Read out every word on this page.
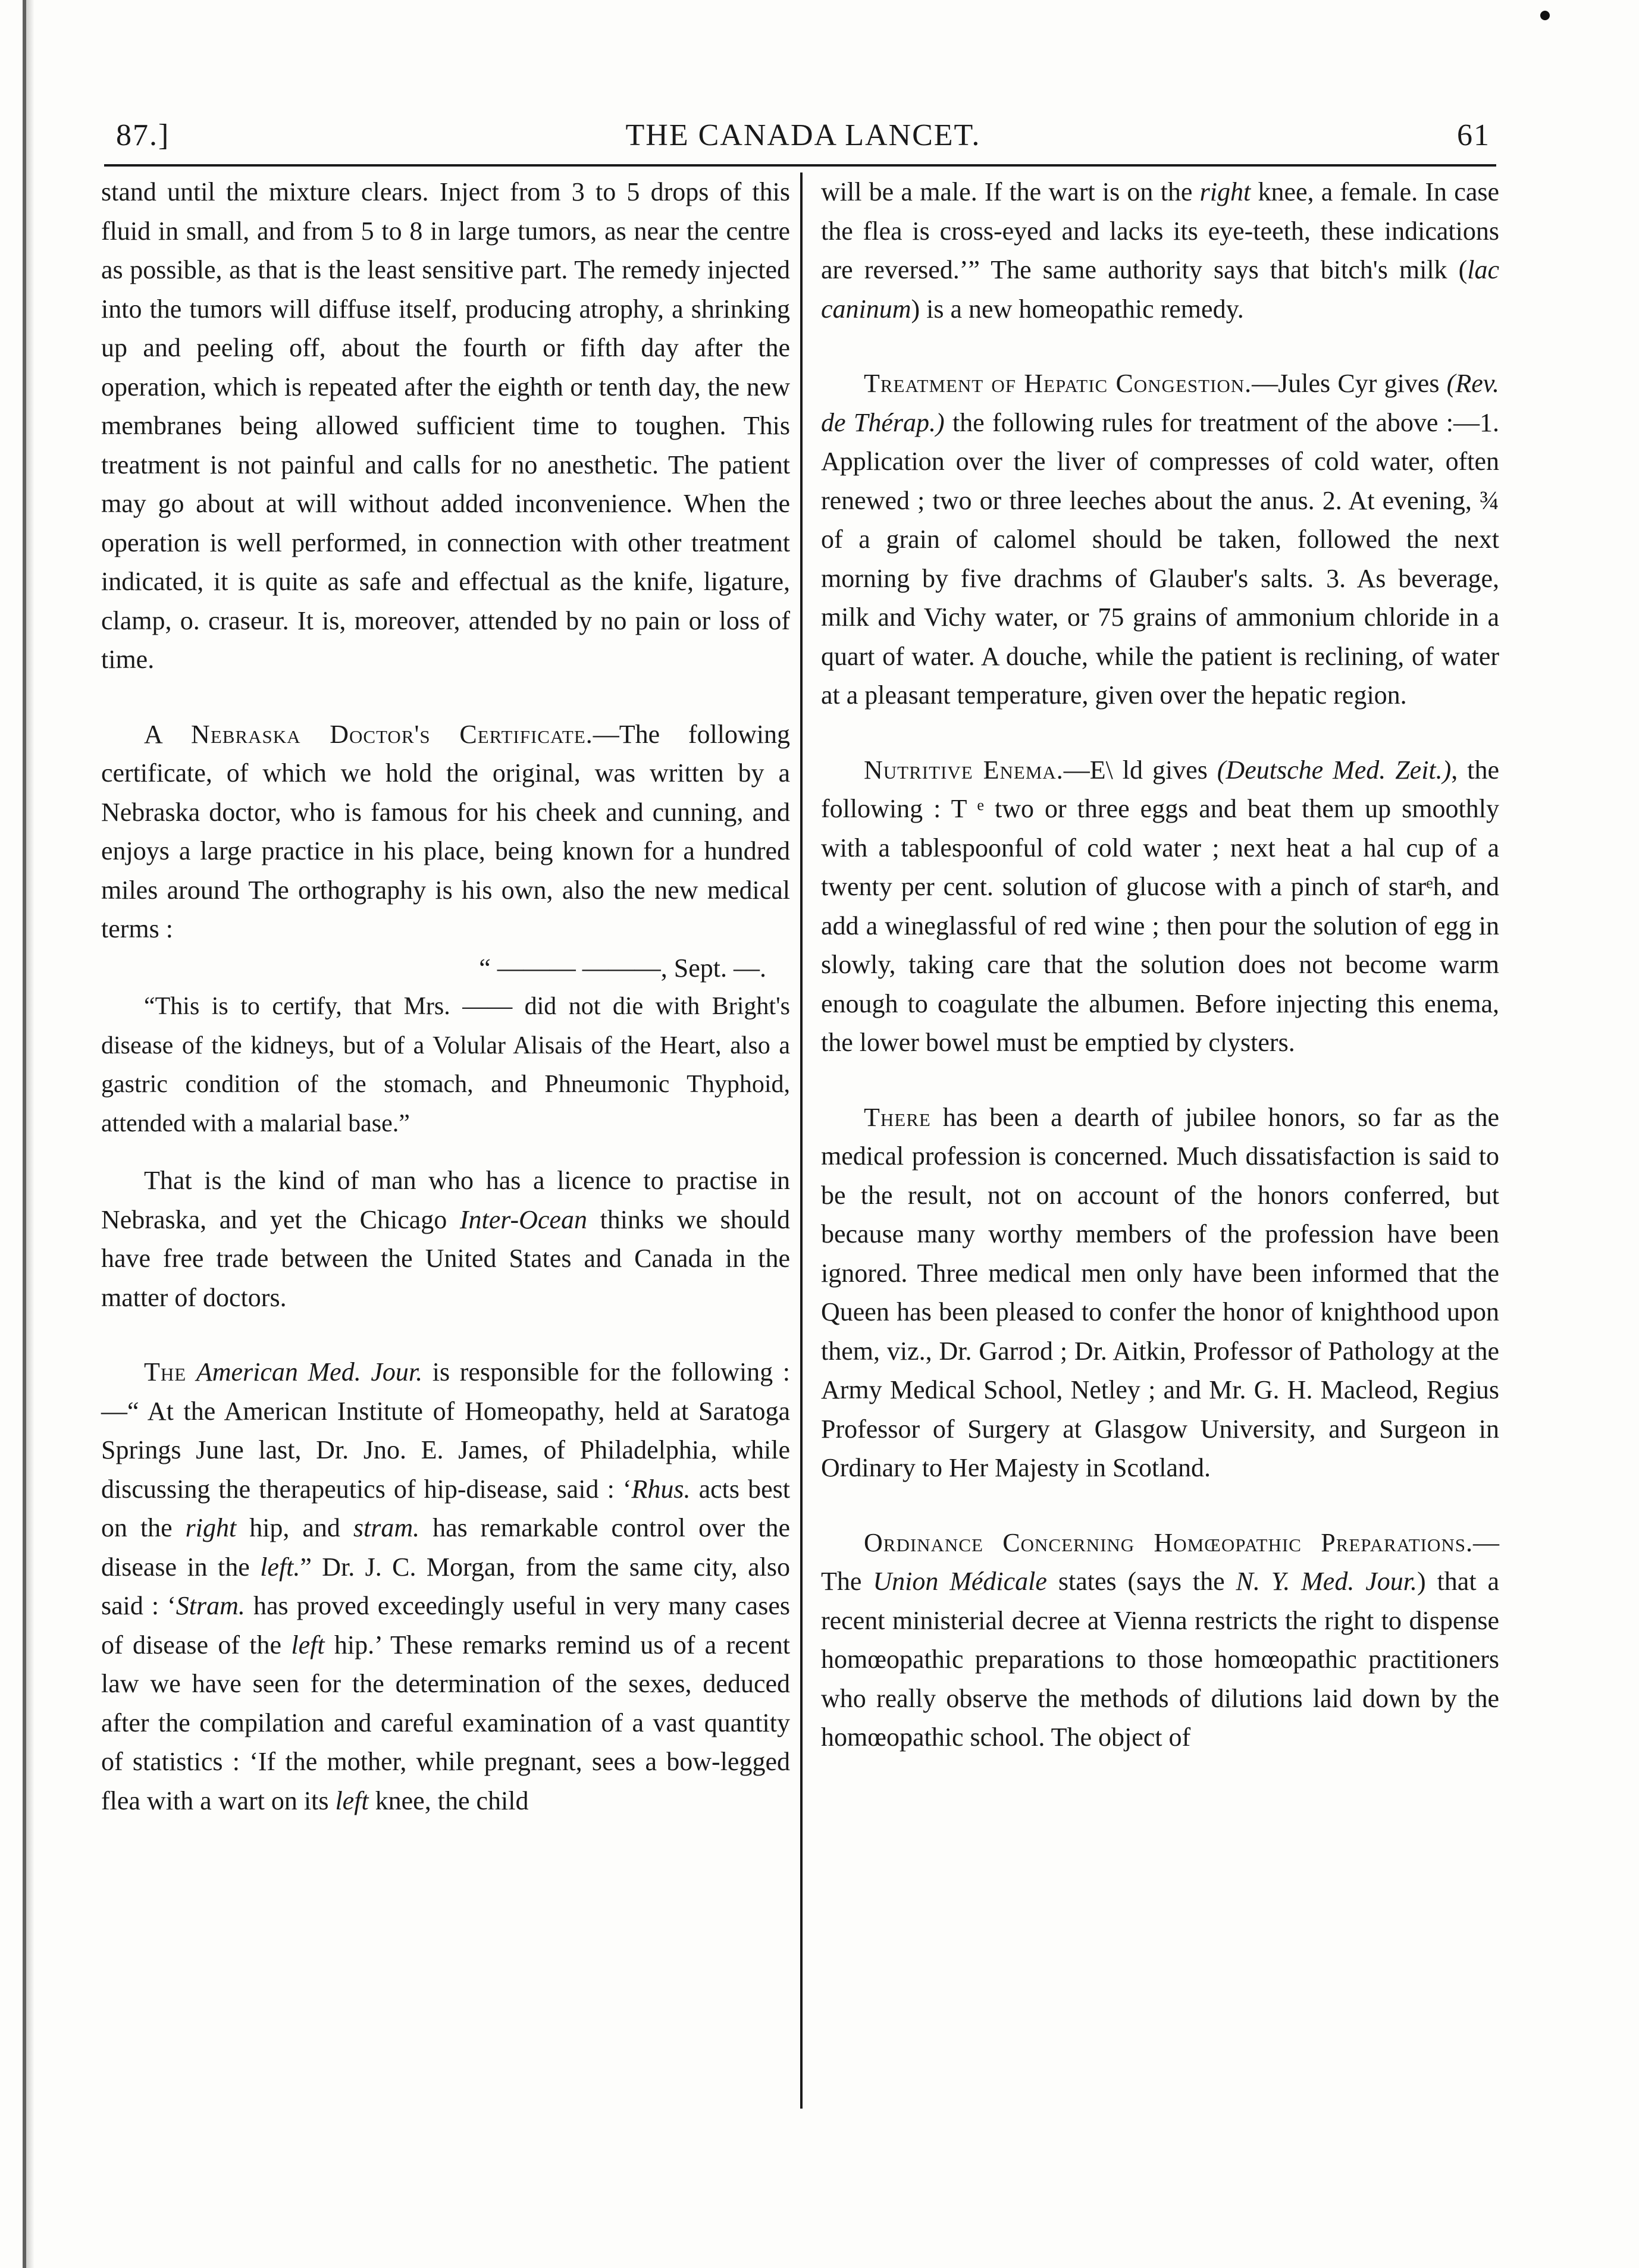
THE CANADA LANCET.
87.]	61

stand until the mixture clears. Inject from 3 to 5 drops of this fluid in small, and from 5 to 8 in large tumors, as near the centre as possible, as that is the least sensitive part. The remedy injected into the tumors will diffuse itself, producing atrophy, a shrinking up and peeling off, about the fourth or fifth day after the operation, which is repeated after the eighth or tenth day, the new membranes being allowed sufficient time to toughen. This treatment is not painful and calls for no anesthetic. The patient may go about at will without added inconvenience. When the operation is well performed, in connection with other treatment indicated, it is quite as safe and effectual as the knife, ligature, clamp, o. craseur. It is, moreover, attended by no pain or loss of time.

A Nebraska Doctor's Certificate.—The following certificate, of which we hold the original, was written by a Nebraska doctor, who is famous for his cheek and cunning, and enjoys a large practice in his place, being known for a hundred miles around The orthography is his own, also the new medical terms :

“ ——— ———, Sept. —.

“This is to certify, that Mrs. —— did not die with Bright's disease of the kidneys, but of a Volular Alisais of the Heart, also a gastric condition of the stomach, and Phneumonic Thyphoid, attended with a malarial base.”

That is the kind of man who has a licence to practise in Nebraska, and yet the Chicago Inter-Ocean thinks we should have free trade between the United States and Canada in the matter of doctors.

The American Med. Jour. is responsible for the following :—“ At the American Institute of Homeopathy, held at Saratoga Springs June last, Dr. Jno. E. James, of Philadelphia, while discussing the therapeutics of hip-disease, said : ‘Rhus. acts best on the right hip, and stram. has remarkable control over the disease in the left.” Dr. J. C. Morgan, from the same city, also said : ‘Stram. has proved exceedingly useful in very many cases of disease of the left hip.’ These remarks remind us of a recent law we have seen for the determination of the sexes, deduced after the compilation and careful examination of a vast quantity of statistics : ‘If the mother, while pregnant, sees a bow-legged flea with a wart on its left knee, the child

will be a male. If the wart is on the right knee, a female. In case the flea is cross-eyed and lacks its eye-teeth, these indications are reversed.’” The same authority says that bitch's milk (lac caninum) is a new homeopathic remedy.

Treatment of Hepatic Congestion.—Jules Cyr gives (Rev. de Thérap.) the following rules for treatment of the above :—1. Application over the liver of compresses of cold water, often renewed ; two or three leeches about the anus. 2. At evening, ¾ of a grain of calomel should be taken, followed the next morning by five drachms of Glauber's salts. 3. As beverage, milk and Vichy water, or 75 grains of ammonium chloride in a quart of water. A douche, while the patient is reclining, of water at a pleasant temperature, given over the hepatic region.

Nutritive Enema.—E\ ld gives (Deutsche Med. Zeit.), the following : T ᵉ two or three eggs and beat them up smoothly with a tablespoonful of cold water ; next heat a hal cup of a twenty per cent. solution of glucose with a pinch of starᵉh, and add a wineglassful of red wine ; then pour the solution of egg in slowly, taking care that the solution does not become warm enough to coagulate the albumen. Before injecting this enema, the lower bowel must be emptied by clysters.

There has been a dearth of jubilee honors, so far as the medical profession is concerned. Much dissatisfaction is said to be the result, not on account of the honors conferred, but because many worthy members of the profession have been ignored. Three medical men only have been informed that the Queen has been pleased to confer the honor of knighthood upon them, viz., Dr. Garrod ; Dr. Aitkin, Professor of Pathology at the Army Medical School, Netley ; and Mr. G. H. Macleod, Regius Professor of Surgery at Glasgow University, and Surgeon in Ordinary to Her Majesty in Scotland.

Ordinance Concerning Homœopathic Preparations.—The Union Médicale states (says the N. Y. Med. Jour.) that a recent ministerial decree at Vienna restricts the right to dispense homœopathic preparations to those homœopathic practitioners who really observe the methods of dilutions laid down by the homœopathic school. The object of
